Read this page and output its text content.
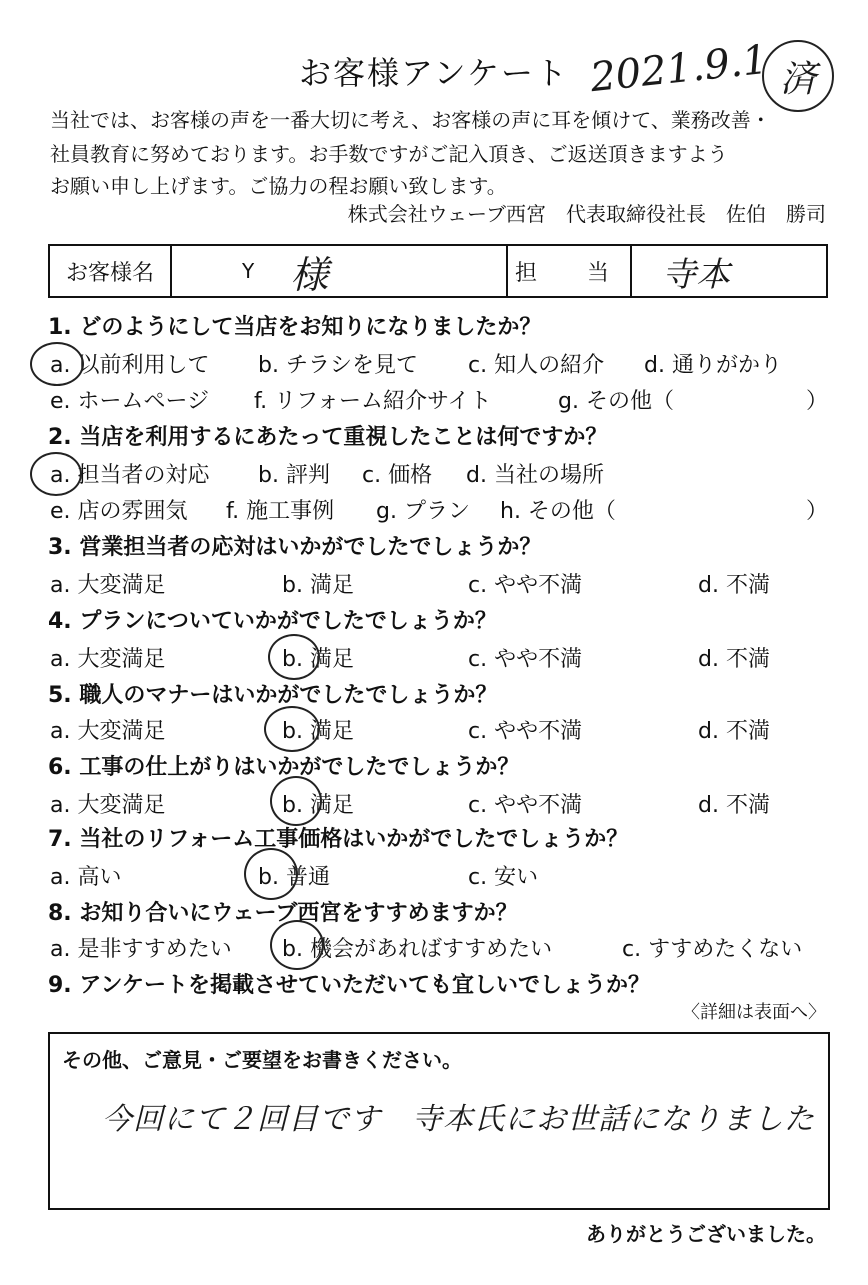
お客様アンケート 2021.9.1 済
当社では、お客様の声を一番大切に考え、お客様の声に耳を傾けて、業務改善・
社員教育に努めております。お手数ですがご記入頂き、ご返送頂きますよう
お願い申し上げます。ご協力の程お願い致します。
株式会社ウェーブ西宮　代表取締役社長　佐伯　勝司
お客様名	Y 様	担　当 寺本
1. どのようにして当店をお知りになりましたか？
a. 以前利用して b. チラシを見て c. 知人の紹介 d. 通りがかり
e. ホームページ f. リフォーム紹介サイト	g. その他（	）
2. 当店を利用するにあたって重視したことは何ですか？
a. 担当者の対応 b. 評判 c. 価格 d. 当社の場所
e. 店の雰囲気 f. 施工事例 g. プラン h. その他（	）
3. 営業担当者の応対はいかがでしたでしょうか？
a. 大変満足	b. 満足	c. やや不満	d. 不満
4. プランについていかがでしたでしょうか？
a. 大変満足	b. 満足	c. やや不満	d. 不満
5. 職人のマナーはいかがでしたでしょうか？
a. 大変満足	b. 満足	c. やや不満	d. 不満
6. 工事の仕上がりはいかがでしたでしょうか？
a. 大変満足	b. 満足	c. やや不満	d. 不満
7. 当社のリフォーム工事価格はいかがでしたでしょうか？
a. 高い	b. 普通	c. 安い
8. お知り合いにウェーブ西宮をすすめますか？
a. 是非すすめたい b. 機会があればすすめたい	c. すすめたくない
9. アンケートを掲載させていただいても宜しいでしょうか？
〈詳細は表面へ〉
その他、ご意見・ご要望をお書きください。
今回にて２回目です　寺本氏にお世話になりました
ありがとうございました。
